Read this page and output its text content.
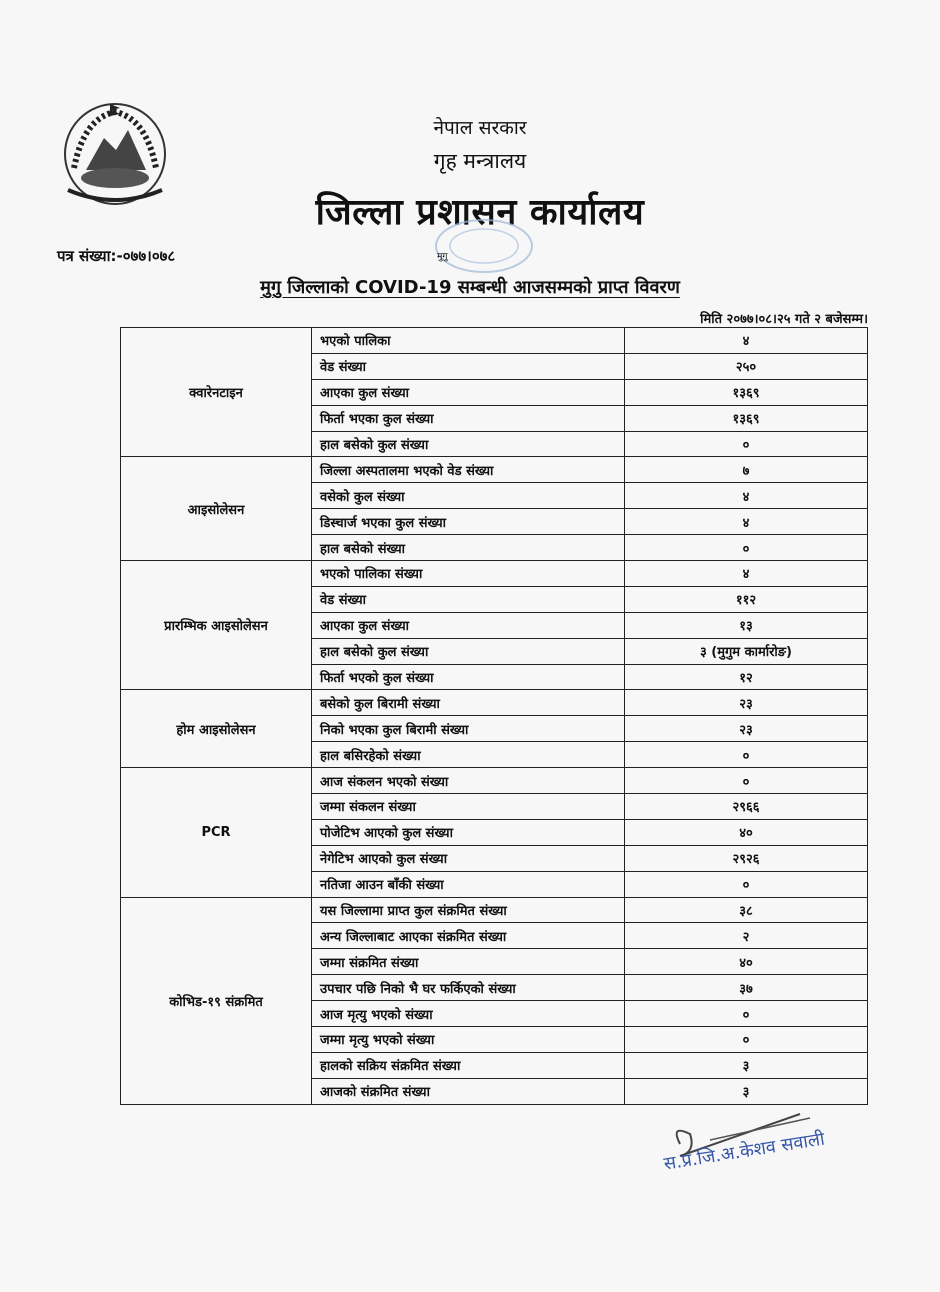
नेपाल सरकार
गृह मन्त्रालय
जिल्ला प्रशासन कार्यालय
पत्र संख्या:-०७७।०७८	मुगु
मुगु जिल्लाको COVID-19 सम्बन्धी आजसम्मको प्राप्त विवरण
मिति २०७७।०८।२५ गते २ बजेसम्म।
क्वारेनटाइन	भएको पालिका	४
	वेड संख्या	२५०
	आएका कुल संख्या	१३६९
	फिर्ता भएका कुल संख्या	१३६९
	हाल बसेको कुल संख्या	०
आइसोलेसन	जिल्ला अस्पतालमा भएको वेड संख्या	७
	वसेको कुल संख्या	४
	डिस्चार्ज भएका कुल संख्या	४
	हाल बसेको संख्या	०
प्रारम्भिक आइसोलेसन	भएको पालिका संख्या	४
	वेड संख्या	११२
	आएका कुल संख्या	१३
	हाल बसेको कुल संख्या	३ (मुगुम कार्मारोङ)
	फिर्ता भएको कुल संख्या	१२
होम आइसोलेसन	बसेको कुल बिरामी संख्या	२३
	निको भएका कुल बिरामी संख्या	२३
	हाल बसिरहेको संख्या	०
PCR	आज संकलन भएको संख्या	०
	जम्मा संकलन संख्या	२९६६
	पोजेटिभ आएको कुल संख्या	४०
	नेगेटिभ आएको कुल संख्या	२९२६
	नतिजा आउन बाँकी संख्या	०
कोभिड-१९ संक्रमित	यस जिल्लामा प्राप्त कुल संक्रमित संख्या	३८
	अन्य जिल्लाबाट आएका संक्रमित संख्या	२
	जम्मा संक्रमित संख्या	४०
	उपचार पछि निको भै घर फर्किएको संख्या	३७
	आज मृत्यु भएको संख्या	०
	जम्मा मृत्यु भएको संख्या	०
	हालको सक्रिय संक्रमित संख्या	३
	आजको संक्रमित संख्या	३
स.प्र.जि.अ.केशव सवाली
